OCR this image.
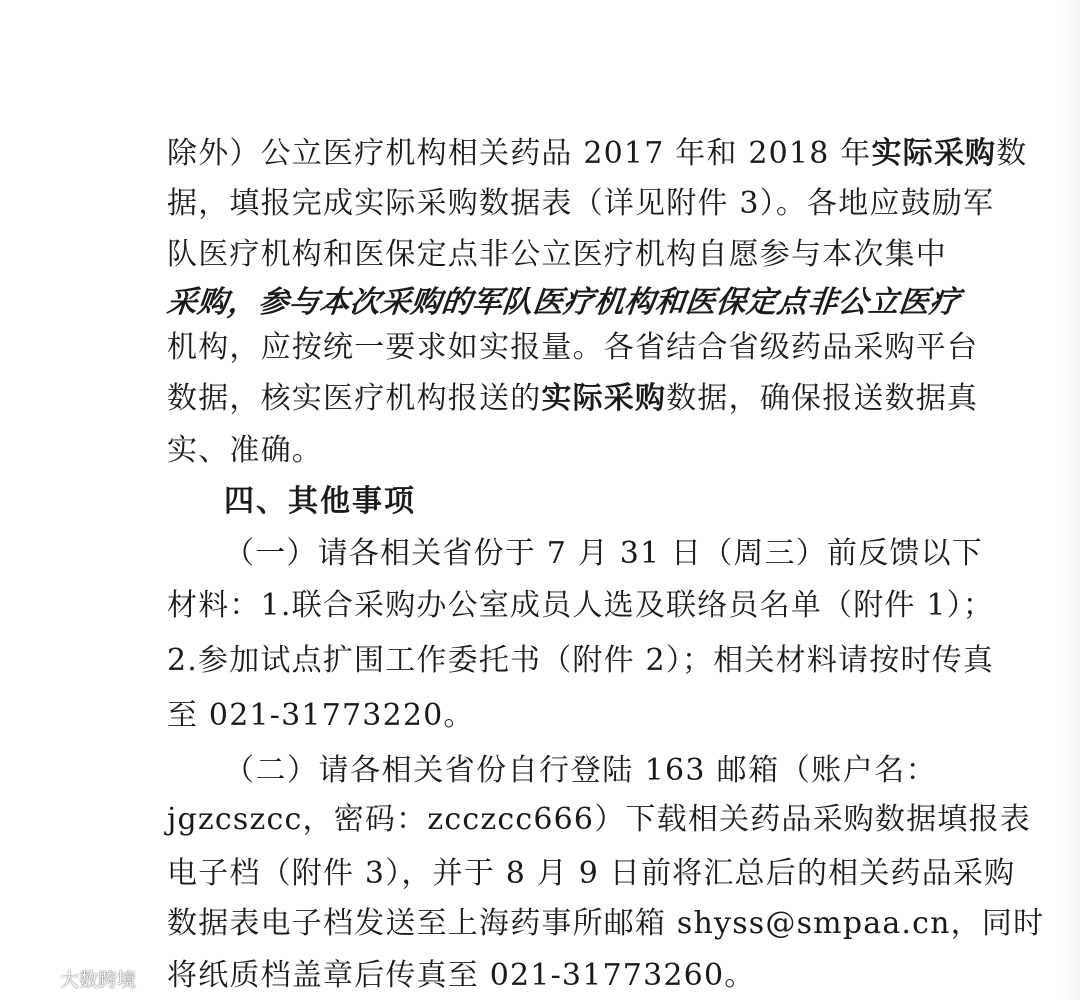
除外）公立医疗机构相关药品 2017 年和 2018 年实际采购数
据，填报完成实际采购数据表（详见附件 3）。各地应鼓励军
队医疗机构和医保定点非公立医疗机构自愿参与本次集中
采购，参与本次采购的军队医疗机构和医保定点非公立医疗
机构，应按统一要求如实报量。各省结合省级药品采购平台
数据，核实医疗机构报送的实际采购数据，确保报送数据真
实、准确。
四、其他事项
（一）请各相关省份于 7 月 31 日（周三）前反馈以下
材料：1.联合采购办公室成员人选及联络员名单（附件 1）；
2.参加试点扩围工作委托书（附件 2）；相关材料请按时传真
至 021-31773220。
（二）请各相关省份自行登陆 163 邮箱（账户名：
jgzcszcc，密码：zcczcc666）下载相关药品采购数据填报表
电子档（附件 3），并于 8 月 9 日前将汇总后的相关药品采购
数据表电子档发送至上海药事所邮箱 shyss@smpaa.cn，同时
将纸质档盖章后传真至 021-31773260。
大数跨境
